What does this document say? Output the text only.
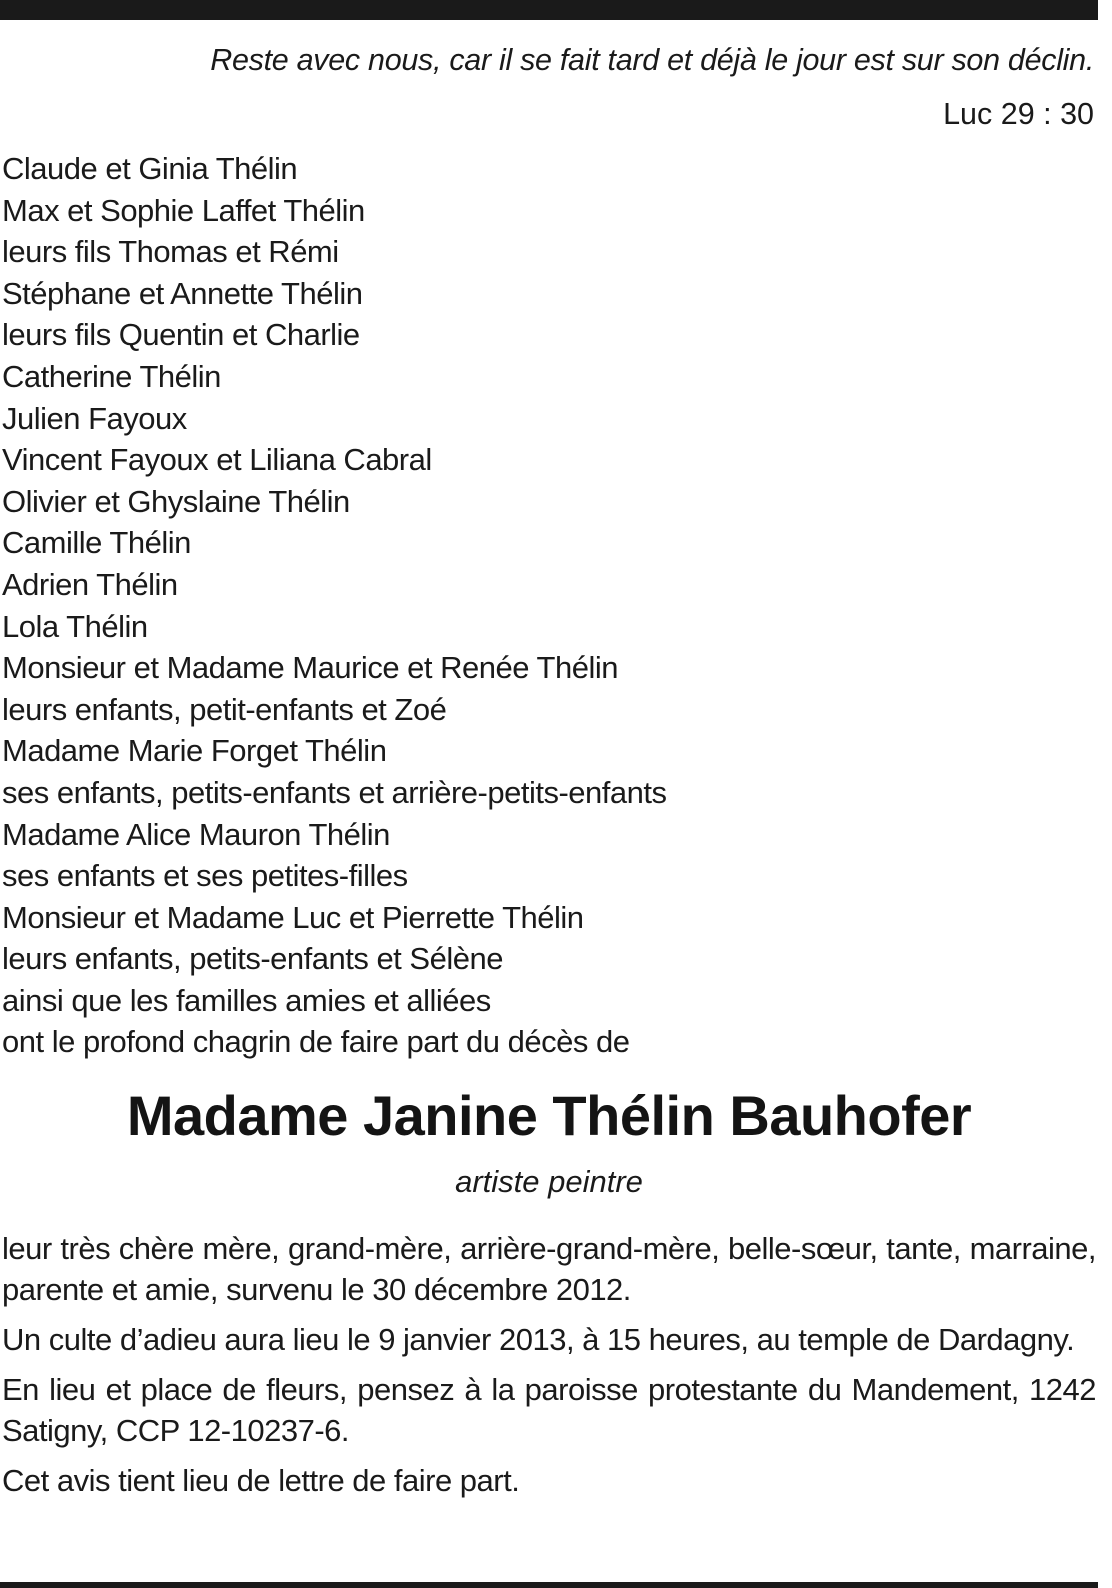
Reste avec nous, car il se fait tard et déjà le jour est sur son déclin.
Luc 29 : 30
Claude et Ginia Thélin
Max et Sophie Laffet Thélin
leurs fils Thomas et Rémi
Stéphane et Annette Thélin
leurs fils Quentin et Charlie
Catherine Thélin
Julien Fayoux
Vincent Fayoux et Liliana Cabral
Olivier et Ghyslaine Thélin
Camille Thélin
Adrien Thélin
Lola Thélin
Monsieur et Madame Maurice et Renée Thélin
leurs enfants, petit-enfants et Zoé
Madame Marie Forget Thélin
ses enfants, petits-enfants et arrière-petits-enfants
Madame Alice Mauron Thélin
ses enfants et ses petites-filles
Monsieur et Madame Luc et Pierrette Thélin
leurs enfants, petits-enfants et Sélène
ainsi que les familles amies et alliées
ont le profond chagrin de faire part du décès de
Madame Janine Thélin Bauhofer
artiste peintre

leur très chère mère, grand-mère, arrière-grand-mère, belle-sœur, tante, marraine, parente et amie, survenu le 30 décembre 2012.

Un culte d’adieu aura lieu le 9 janvier 2013, à 15 heures, au temple de Dardagny.

En lieu et place de fleurs, pensez à la paroisse protestante du Mandement, 1242 Satigny, CCP 12-10237-6.

Cet avis tient lieu de lettre de faire part.
